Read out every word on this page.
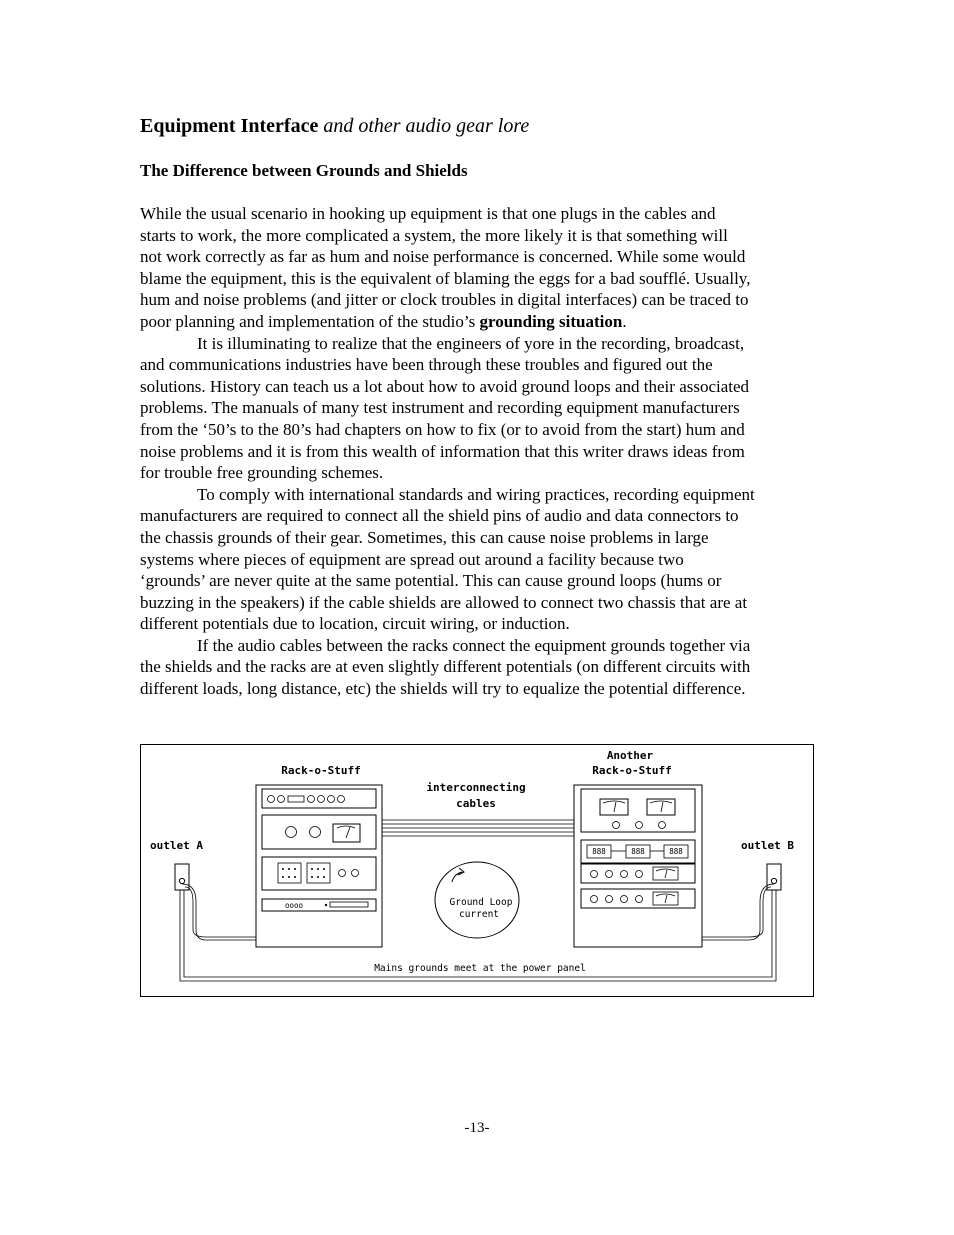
Equipment Interface and other audio gear lore
The Difference between Grounds and Shields
While the usual scenario in hooking up equipment is that one plugs in the cables and
starts to work, the more complicated a system, the more likely it is that something will
not work correctly as far as hum and noise performance is concerned. While some would
blame the equipment, this is the equivalent of blaming the eggs for a bad soufflé. Usually,
hum and noise problems (and jitter or clock troubles in digital interfaces) can be traced to
poor planning and implementation of the studio’s grounding situation.
It is illuminating to realize that the engineers of yore in the recording, broadcast,
and communications industries have been through these troubles and figured out the
solutions. History can teach us a lot about how to avoid ground loops and their associated
problems. The manuals of many test instrument and recording equipment manufacturers
from the ‘50’s to the 80’s had chapters on how to fix (or to avoid from the start) hum and
noise problems and it is from this wealth of information that this writer draws ideas from
for trouble free grounding schemes.
To comply with international standards and wiring practices, recording equipment
manufacturers are required to connect all the shield pins of audio and data connectors to
the chassis grounds of their gear. Sometimes, this can cause noise problems in large
systems where pieces of equipment are spread out around a facility because two
‘grounds’ are never quite at the same potential. This can cause ground loops (hums or
buzzing in the speakers) if the cable shields are allowed to connect two chassis that are at
different potentials due to location, circuit wiring, or induction.
If the audio cables between the racks connect the equipment grounds together via
the shields and the racks are at even slightly different potentials (on different circuits with
different loads, long distance, etc) the shields will try to equalize the potential difference.
Rack-o-Stuff
Another
Rack-o-Stuff
interconnecting
cables
outlet A	outlet B
Mains grounds meet at the power panel
Ground Loop
current
oooo
888	888	888
-13-
